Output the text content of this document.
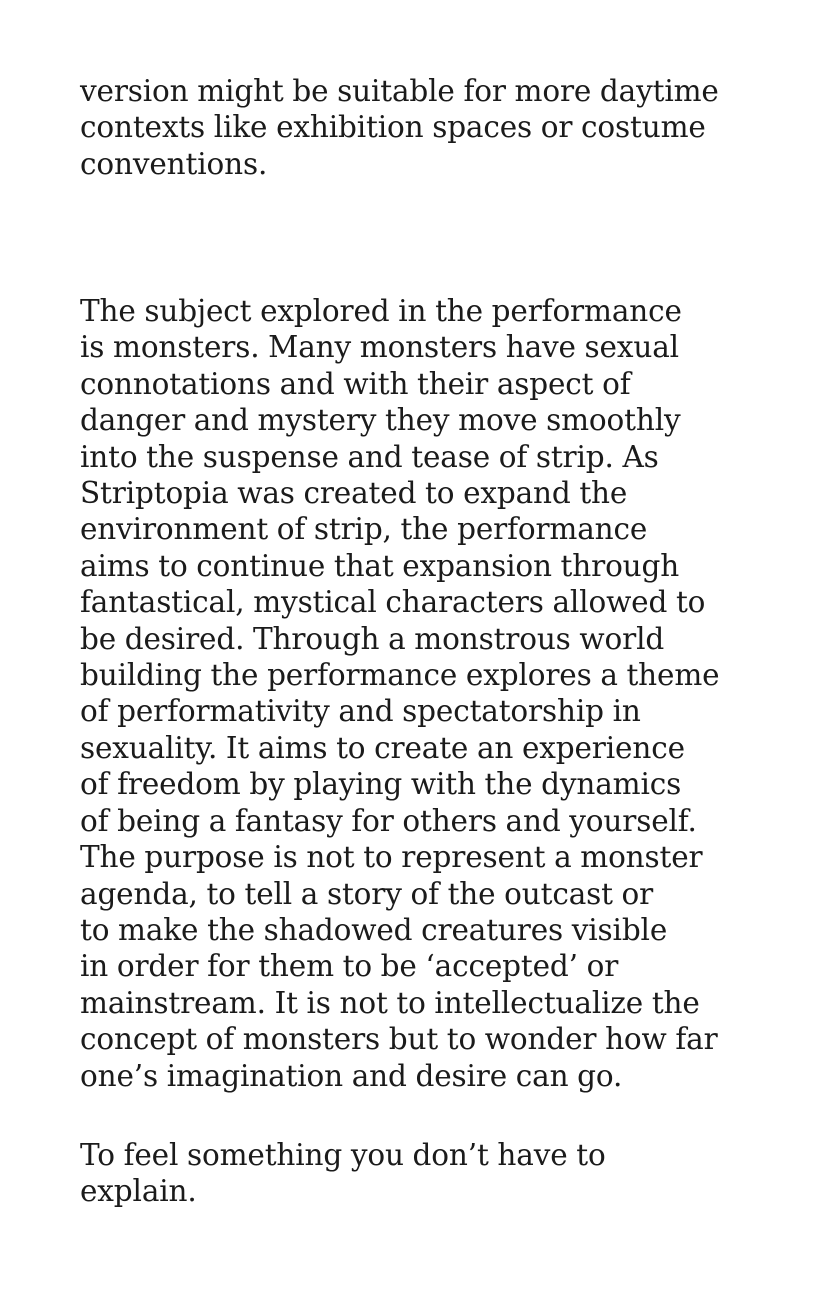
version might be suitable for more daytime
contexts like exhibition spaces or costume
conventions.

The subject explored in the performance
is monsters. Many monsters have sexual
connotations and with their aspect of
danger and mystery they move smoothly
into the suspense and tease of strip. As
Striptopia was created to expand the
environment of strip, the performance
aims to continue that expansion through
fantastical, mystical characters allowed to
be desired. Through a monstrous world
building the performance explores a theme
of performativity and spectatorship in
sexuality. It aims to create an experience
of freedom by playing with the dynamics
of being a fantasy for others and yourself.
The purpose is not to represent a monster
agenda, to tell a story of the outcast or
to make the shadowed creatures visible
in order for them to be ‘accepted’ or
mainstream. It is not to intellectualize the
concept of monsters but to wonder how far
one’s imagination and desire can go.

To feel something you don’t have to
explain.
